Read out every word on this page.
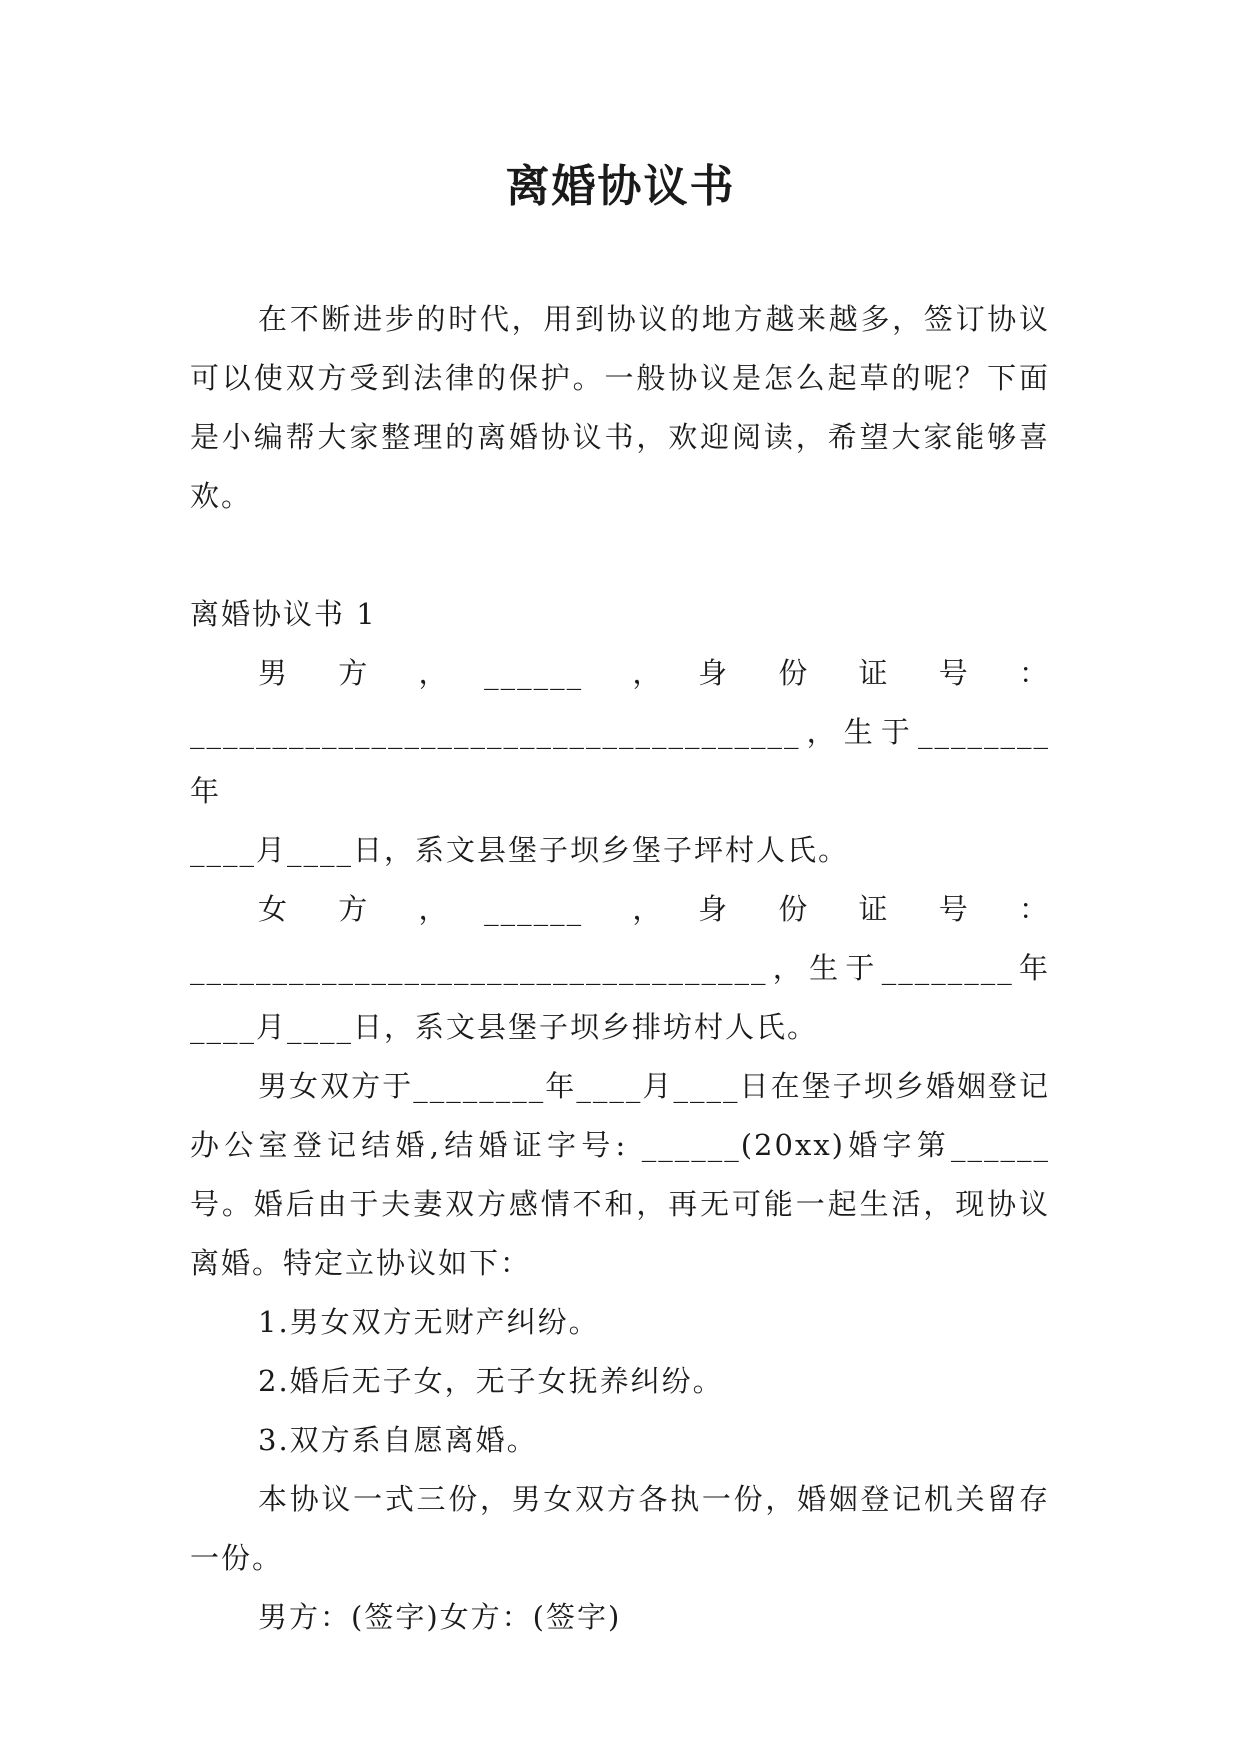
离婚协议书

在不断进步的时代，用到协议的地方越来越多，签订协议可以使双方受到法律的保护。一般协议是怎么起草的呢？下面是小编帮大家整理的离婚协议书，欢迎阅读，希望大家能够喜欢。

离婚协议书 1

男　方　，　______　，　身　份　证　号　：

_____________________________________，生于________年

____月____日，系文县堡子坝乡堡子坪村人氏。

女　方　，　______　，　身　份　证　号　：

___________________________________，生于________年

____月____日，系文县堡子坝乡排坊村人氏。

男女双方于________年____月____日在堡子坝乡婚姻登记办公室登记结婚,结婚证字号: ______(20xx)婚字第______号。婚后由于夫妻双方感情不和，再无可能一起生活，现协议离婚。特定立协议如下：

1.男女双方无财产纠纷。

2.婚后无子女，无子女抚养纠纷。

3.双方系自愿离婚。

本协议一式三份，男女双方各执一份，婚姻登记机关留存一份。

男方：(签字)女方：(签字)
